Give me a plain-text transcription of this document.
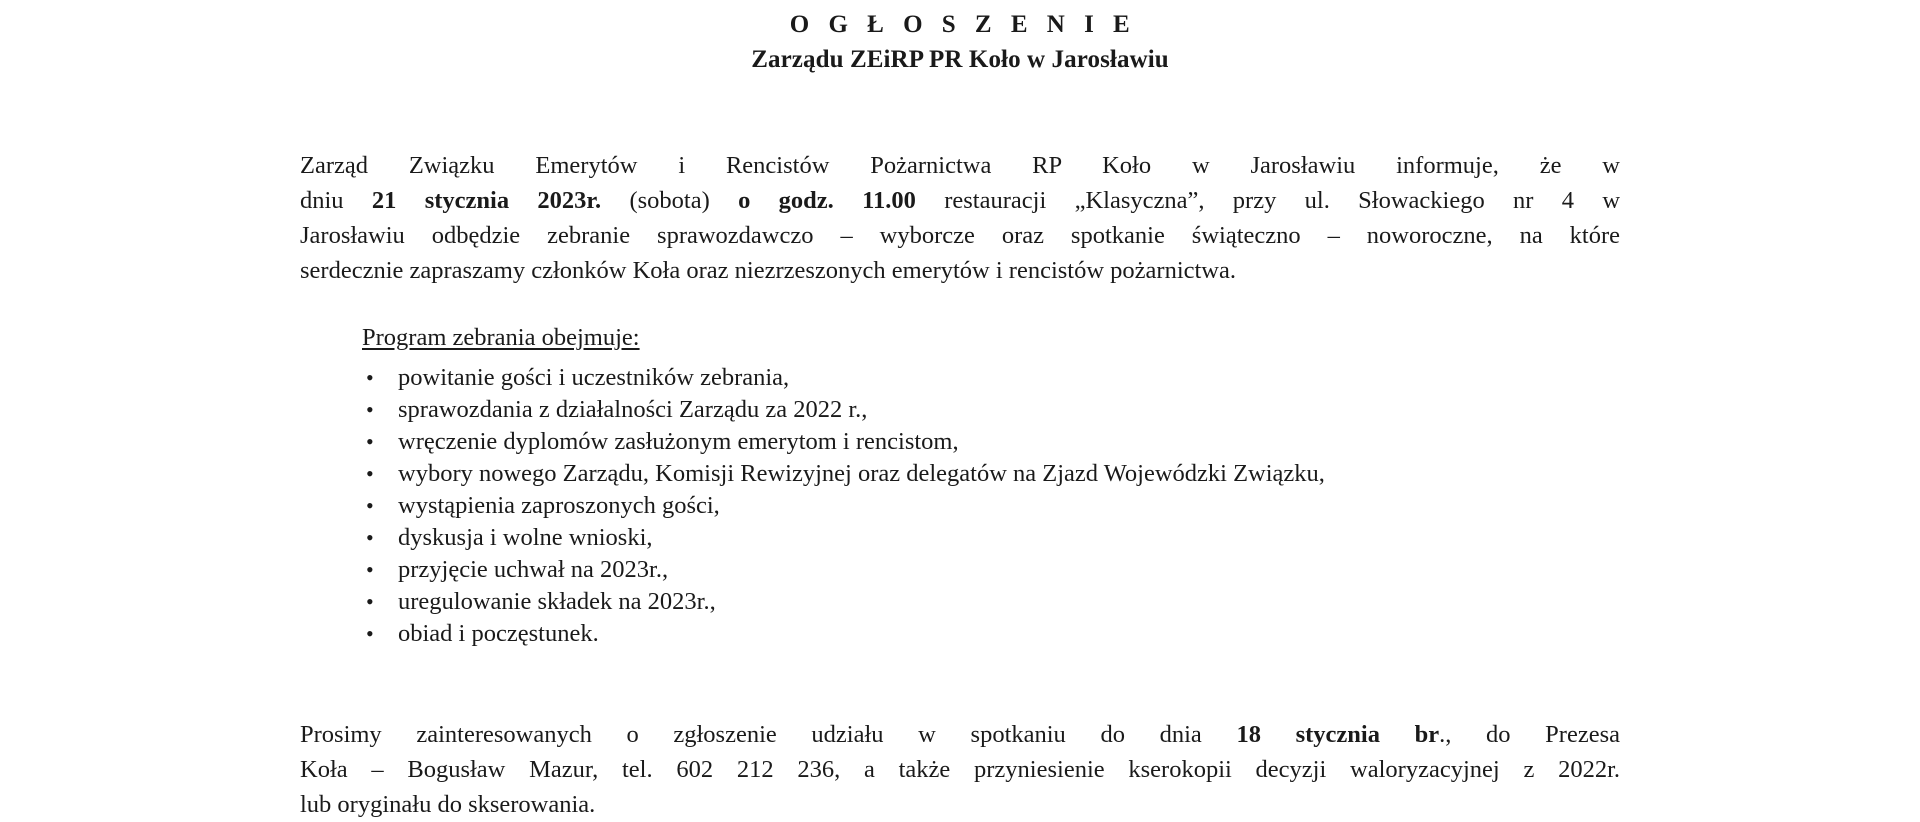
O G Ł O S Z E N I E
Zarządu ZEiRP PR Koło w Jarosławiu

Zarząd Związku Emerytów i Rencistów Pożarnictwa RP Koło w Jarosławiu informuje, że w
dniu 21 stycznia 2023r. (sobota) o godz. 11.00 restauracji „Klasyczna”, przy ul. Słowackiego nr 4 w
Jarosławiu odbędzie zebranie sprawozdawczo – wyborcze oraz spotkanie świąteczno – noworoczne, na które
serdecznie zapraszamy członków Koła oraz niezrzeszonych emerytów i rencistów pożarnictwa.

Program zebrania obejmuje:
• powitanie gości i uczestników zebrania,
• sprawozdania z działalności Zarządu za 2022 r.,
• wręczenie dyplomów zasłużonym emerytom i rencistom,
• wybory nowego Zarządu, Komisji Rewizyjnej oraz delegatów na Zjazd Wojewódzki Związku,
• wystąpienia zaproszonych gości,
• dyskusja i wolne wnioski,
• przyjęcie uchwał na 2023r.,
• uregulowanie składek na 2023r.,
• obiad i poczęstunek.

Prosimy zainteresowanych o zgłoszenie udziału w spotkaniu do dnia 18 stycznia br., do Prezesa
Koła – Bogusław Mazur, tel. 602 212 236, a także przyniesienie kserokopii decyzji waloryzacyjnej z 2022r.
lub oryginału do skserowania.
